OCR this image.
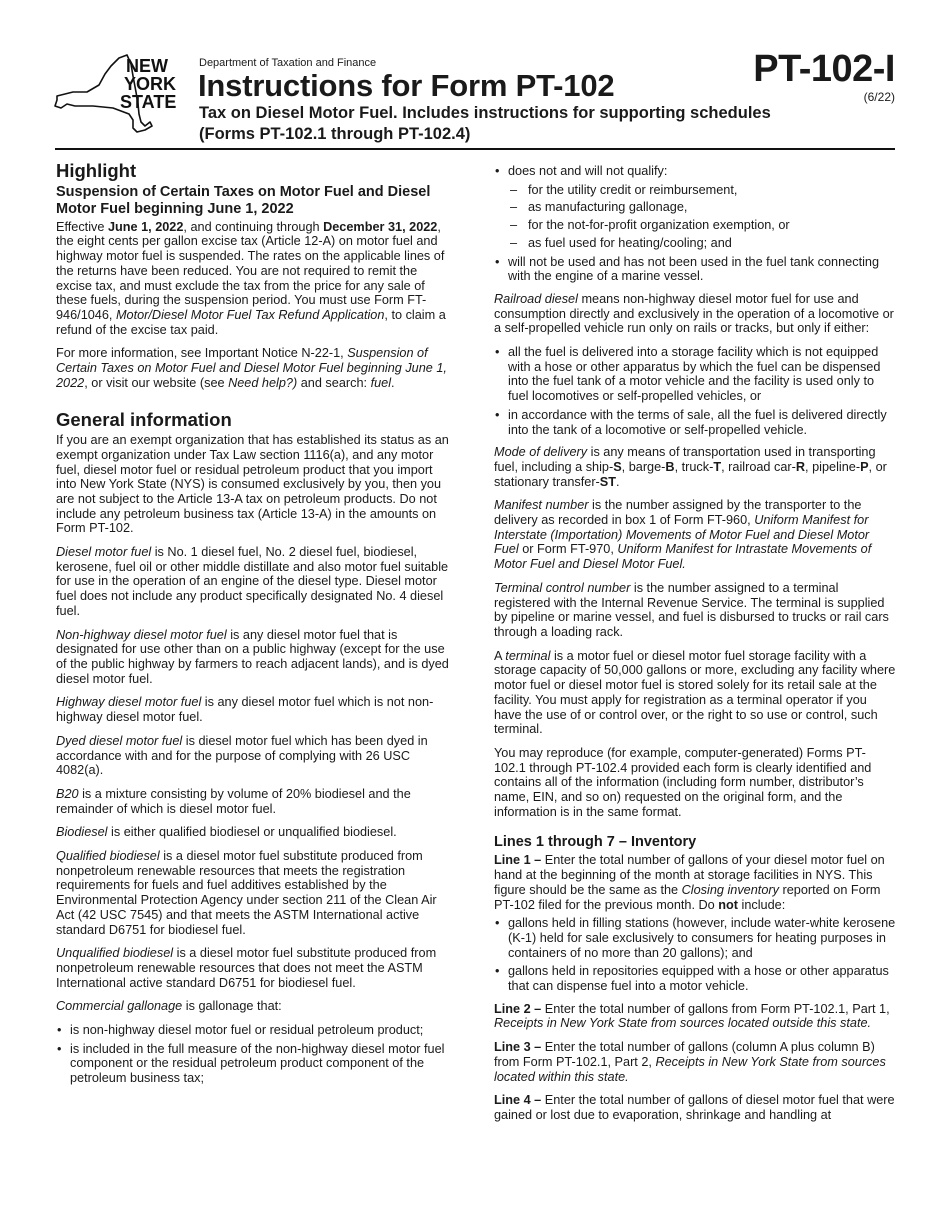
NEW
YORK
STATE
Department of Taxation and Finance
Instructions for Form PT-102
Tax on Diesel Motor Fuel. Includes instructions for supporting schedules
(Forms PT-102.1 through PT-102.4)
PT-102-I
(6/22)
Highlight
Suspension of Certain Taxes on Motor Fuel and Diesel Motor Fuel beginning June 1, 2022

Effective June 1, 2022, and continuing through December 31, 2022, the eight cents per gallon excise tax (Article 12-A) on motor fuel and highway motor fuel is suspended. The rates on the applicable lines of the returns have been reduced. You are not required to remit the excise tax, and must exclude the tax from the price for any sale of these fuels, during the suspension period. You must use Form FT-946/1046, Motor/Diesel Motor Fuel Tax Refund Application, to claim a refund of the excise tax paid.

For more information, see Important Notice N-22-1, Suspension of Certain Taxes on Motor Fuel and Diesel Motor Fuel beginning June 1, 2022, or visit our website (see Need help?) and search: fuel.

General information

If you are an exempt organization that has established its status as an exempt organization under Tax Law section 1116(a), and any motor fuel, diesel motor fuel or residual petroleum product that you import into New York State (NYS) is consumed exclusively by you, then you are not subject to the Article 13-A tax on petroleum products. Do not include any petroleum business tax (Article 13-A) in the amounts on Form PT-102.

Diesel motor fuel is No. 1 diesel fuel, No. 2 diesel fuel, biodiesel, kerosene, fuel oil or other middle distillate and also motor fuel suitable for use in the operation of an engine of the diesel type. Diesel motor fuel does not include any product specifically designated No. 4 diesel fuel.

Non-highway diesel motor fuel is any diesel motor fuel that is designated for use other than on a public highway (except for the use of the public highway by farmers to reach adjacent lands), and is dyed diesel motor fuel.

Highway diesel motor fuel is any diesel motor fuel which is not non-highway diesel motor fuel.

Dyed diesel motor fuel is diesel motor fuel which has been dyed in accordance with and for the purpose of complying with 26 USC 4082(a).

B20 is a mixture consisting by volume of 20% biodiesel and the remainder of which is diesel motor fuel.

Biodiesel is either qualified biodiesel or unqualified biodiesel.

Qualified biodiesel is a diesel motor fuel substitute produced from nonpetroleum renewable resources that meets the registration requirements for fuels and fuel additives established by the Environmental Protection Agency under section 211 of the Clean Air Act (42 USC 7545) and that meets the ASTM International active standard D6751 for biodiesel fuel.

Unqualified biodiesel is a diesel motor fuel substitute produced from nonpetroleum renewable resources that does not meet the ASTM International active standard D6751 for biodiesel fuel.

Commercial gallonage is gallonage that:

• is non-highway diesel motor fuel or residual petroleum product;
• is included in the full measure of the non-highway diesel motor fuel component or the residual petroleum product component of the petroleum business tax;
• does not and will not qualify:
– for the utility credit or reimbursement,
– as manufacturing gallonage,
– for the not-for-profit organization exemption, or
– as fuel used for heating/cooling; and
• will not be used and has not been used in the fuel tank connecting with the engine of a marine vessel.

Railroad diesel means non-highway diesel motor fuel for use and consumption directly and exclusively in the operation of a locomotive or a self-propelled vehicle run only on rails or tracks, but only if either:

• all the fuel is delivered into a storage facility which is not equipped with a hose or other apparatus by which the fuel can be dispensed into the fuel tank of a motor vehicle and the facility is used only to fuel locomotives or self-propelled vehicles, or
• in accordance with the terms of sale, all the fuel is delivered directly into the tank of a locomotive or self-propelled vehicle.

Mode of delivery is any means of transportation used in transporting fuel, including a ship-S, barge-B, truck-T, railroad car-R, pipeline-P, or stationary transfer-ST.

Manifest number is the number assigned by the transporter to the delivery as recorded in box 1 of Form FT-960, Uniform Manifest for Interstate (Importation) Movements of Motor Fuel and Diesel Motor Fuel or Form FT-970, Uniform Manifest for Intrastate Movements of Motor Fuel and Diesel Motor Fuel.

Terminal control number is the number assigned to a terminal registered with the Internal Revenue Service. The terminal is supplied by pipeline or marine vessel, and fuel is disbursed to trucks or rail cars through a loading rack.

A terminal is a motor fuel or diesel motor fuel storage facility with a storage capacity of 50,000 gallons or more, excluding any facility where motor fuel or diesel motor fuel is stored solely for its retail sale at the facility. You must apply for registration as a terminal operator if you have the use of or control over, or the right to so use or control, such terminal.

You may reproduce (for example, computer-generated) Forms PT-102.1 through PT-102.4 provided each form is clearly identified and contains all of the information (including form number, distributor’s name, EIN, and so on) requested on the original form, and the information is in the same format.

Lines 1 through 7 – Inventory

Line 1 – Enter the total number of gallons of your diesel motor fuel on hand at the beginning of the month at storage facilities in NYS. This figure should be the same as the Closing inventory reported on Form PT-102 filed for the previous month. Do not include:

• gallons held in filling stations (however, include water-white kerosene (K-1) held for sale exclusively to consumers for heating purposes in containers of no more than 20 gallons); and
• gallons held in repositories equipped with a hose or other apparatus that can dispense fuel into a motor vehicle.

Line 2 – Enter the total number of gallons from Form PT-102.1, Part 1, Receipts in New York State from sources located outside this state.

Line 3 – Enter the total number of gallons (column A plus column B) from Form PT-102.1, Part 2, Receipts in New York State from sources located within this state.

Line 4 – Enter the total number of gallons of diesel motor fuel that were gained or lost due to evaporation, shrinkage and handling at
